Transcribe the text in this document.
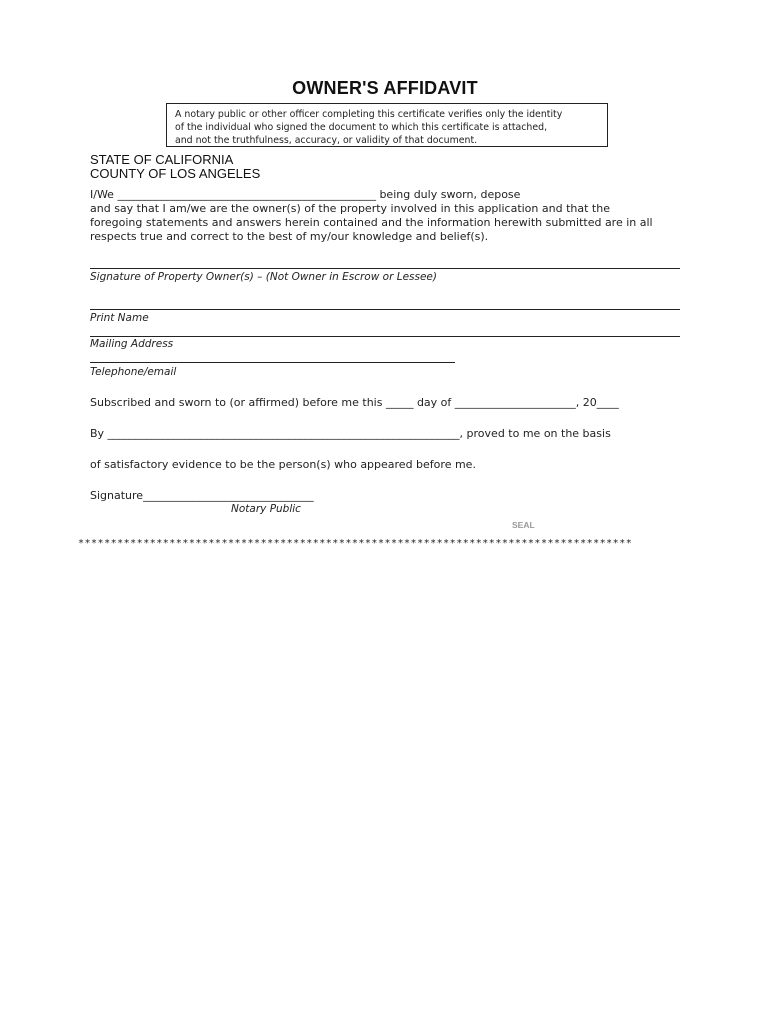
OWNER'S AFFIDAVIT
A notary public or other officer completing this certificate verifies only the identity
of the individual who signed the document to which this certificate is attached,
and not the truthfulness, accuracy, or validity of that document.
STATE OF CALIFORNIA
COUNTY OF LOS ANGELES
I/We _______________________________________________ being duly sworn, depose
and say that I am/we are the owner(s) of the property involved in this application and that the
foregoing statements and answers herein contained and the information herewith submitted are in all
respects true and correct to the best of my/our knowledge and belief(s).
Signature of Property Owner(s) – (Not Owner in Escrow or Lessee)
Print Name
Mailing Address
Telephone/email
Subscribed and sworn to (or affirmed) before me this _____ day of ______________________, 20____
By ________________________________________________________________, proved to me on the basis
of satisfactory evidence to be the person(s) who appeared before me.
Signature_______________________________
Notary Public
SEAL
*************************************************************************************
